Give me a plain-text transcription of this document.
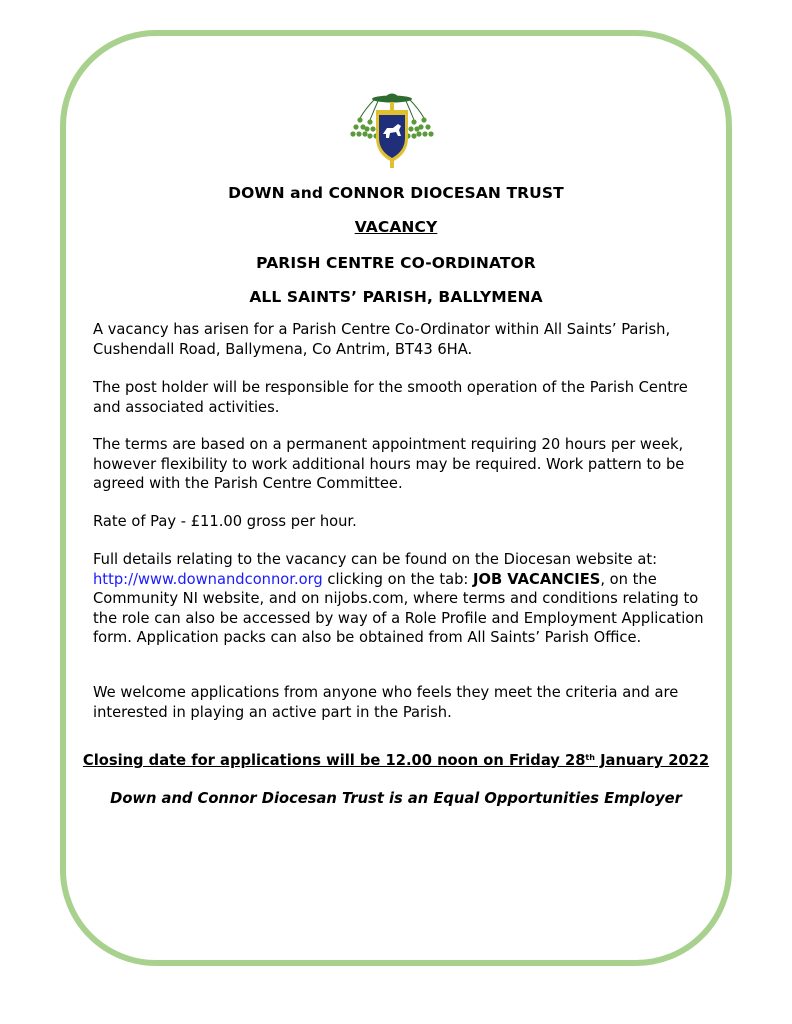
DOWN and CONNOR DIOCESAN TRUST
VACANCY
PARISH CENTRE CO-ORDINATOR
ALL SAINTS’ PARISH, BALLYMENA

A vacancy has arisen for a Parish Centre Co-Ordinator within All Saints’ Parish, Cushendall Road, Ballymena, Co Antrim, BT43 6HA.

The post holder will be responsible for the smooth operation of the Parish Centre and associated activities.

The terms are based on a permanent appointment requiring 20 hours per week, however flexibility to work additional hours may be required. Work pattern to be agreed with the Parish Centre Committee.

Rate of Pay - £11.00 gross per hour.

Full details relating to the vacancy can be found on the Diocesan website at: http://www.downandconnor.org clicking on the tab: JOB VACANCIES, on the Community NI website, and on nijobs.com, where terms and conditions relating to the role can also be accessed by way of a Role Profile and Employment Application form. Application packs can also be obtained from All Saints’ Parish Office.

We welcome applications from anyone who feels they meet the criteria and are interested in playing an active part in the Parish.

Closing date for applications will be 12.00 noon on Friday 28th January 2022
Down and Connor Diocesan Trust is an Equal Opportunities Employer
